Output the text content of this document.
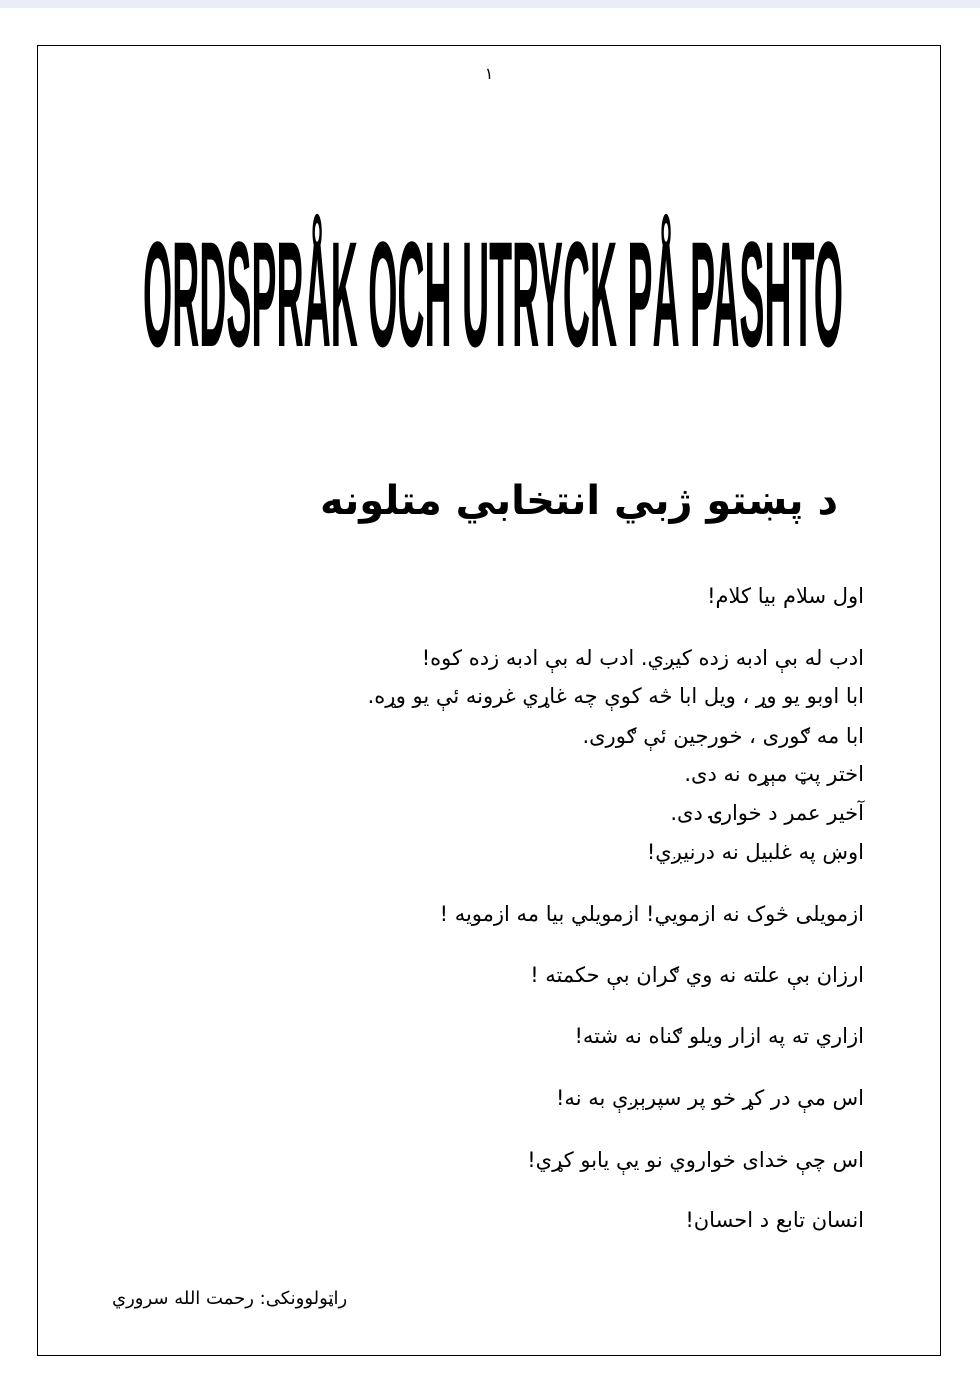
١
ORDSPRÅK OCH UTRYCK PÅ PASHTO
د پښتو ژبي انتخابي متلونه
اول سلام بیا کلام!
ادب له بې ادبه زده کیږي. ادب له بې ادبه زده کوه!
ابا اوبو یو وړ ، ویل ابا څه کوې چه غاړي غرونه ئې یو وړه.
ابا مه ګوری ، خورجین ئې ګوری.
اختر پټ مېړه نه دی.
آخیر عمر د خوارۍ دی.
اوښ په غلبیل نه درنیږي!
ازمویلی څوک نه ازمویي! ازمویلي بیا مه ازمویه !
ارزان بې علته نه وي ګران بې حکمته !
ازاري ته په ازار ویلو ګناه نه شته!
اس مې در کړ خو پر سپرېږې به نه!
اس چې خدای خواروي نو یې یابو کړي!
انسان تابع د احسان!
راټولوونکی: رحمت الله سروري
